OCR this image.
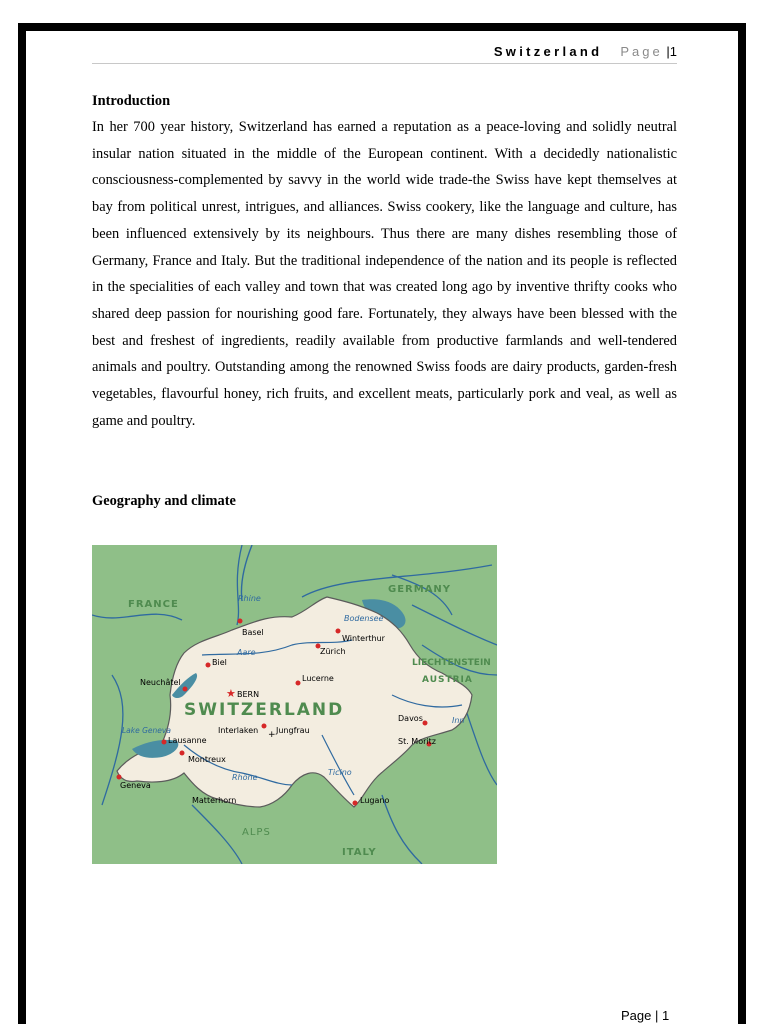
Switzerland Page |1
Introduction

In her 700 year history, Switzerland has earned a reputation as a peace-loving and solidly neutral insular nation situated in the middle of the European continent. With a decidedly nationalistic consciousness-complemented by savvy in the world wide trade-the Swiss have kept themselves at bay from political unrest, intrigues, and alliances. Swiss cookery, like the language and culture, has been influenced extensively by its neighbours. Thus there are many dishes resembling those of Germany, France and Italy. But the traditional independence of the nation and its people is reflected in the specialities of each valley and town that was created long ago by inventive thrifty cooks who shared deep passion for nourishing good fare. Fortunately, they always have been blessed with the best and freshest of ingredients, readily available from productive farmlands and well-tendered animals and poultry. Outstanding among the renowned Swiss foods are dairy products, garden-fresh vegetables, flavourful honey, rich fruits, and excellent meats, particularly pork and veal, as well as game and poultry.

Geography and climate
FRANCE
GERMANY
LIECHTENSTEIN
AUSTRIA
ITALY
ALPS
SWITZERLAND
Rhine
Bodensee
Aare
Lake Geneva
Rhône
Ticino
Inn
Basel
Winterthur
Zürich
Biel
Neuchâtel
★ BERN
Lucerne
Davos
Interlaken + Jungfrau
Lausanne	St. Moritz
Montreux
Geneva
Matterhorn	Lugano
Page | 1
